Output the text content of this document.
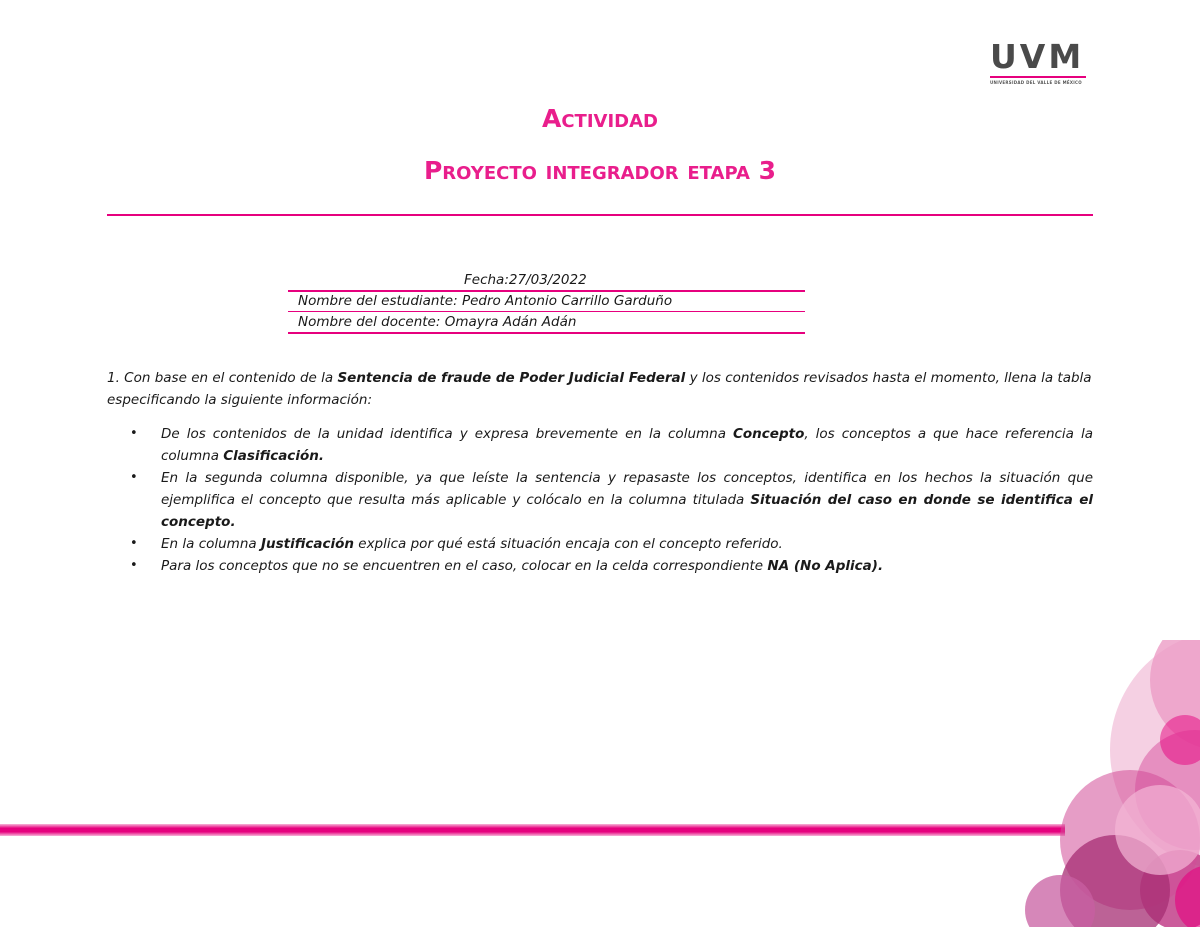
UVM
UNIVERSIDAD DEL VALLE DE MÉXICO
Actividad
Proyecto integrador etapa 3
Fecha:27/03/2022
Nombre del estudiante: Pedro Antonio Carrillo Garduño
Nombre del docente: Omayra Adán Adán
1. Con base en el contenido de la Sentencia de fraude de Poder Judicial Federal y los contenidos revisados hasta el momento, llena la tabla especificando la siguiente información:
• De los contenidos de la unidad identifica y expresa brevemente en la columna Concepto, los conceptos a que hace referencia la columna Clasificación.
• En la segunda columna disponible, ya que leíste la sentencia y repasaste los conceptos, identifica en los hechos la situación que ejemplifica el concepto que resulta más aplicable y colócalo en la columna titulada Situación del caso en donde se identifica el concepto.
• En la columna Justificación explica por qué está situación encaja con el concepto referido.
• Para los conceptos que no se encuentren en el caso, colocar en la celda correspondiente NA (No Aplica).
